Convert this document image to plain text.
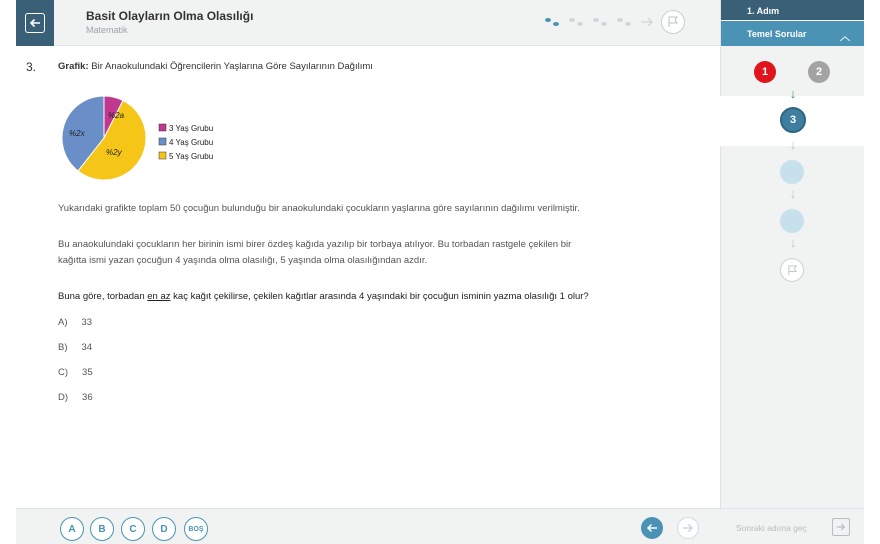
Basit Olayların Olma Olasılığı
Matematik
1. Adım
Temel Sorular	︿
1	2
↓
3
↓
↓
↓
3. Grafik: Bir Anaokulundaki Öğrencilerin Yaşlarına Göre Sayılarının Dağılımı
%2a
%2x
%2y
3 Yaş Grubu
4 Yaş Grubu
5 Yaş Grubu
Yukarıdaki grafikte toplam 50 çocuğun bulunduğu bir anaokulundaki çocukların yaşlarına göre sayılarının dağılımı verilmiştir.
Bu anaokulundaki çocukların her birinin ismi birer özdeş kağıda yazılıp bir torbaya atılıyor. Bu torbadan rastgele çekilen bir
kağıtta ismi yazan çocuğun 4 yaşında olma olasılığı, 5 yaşında olma olasılığından azdır.
Buna göre, torbadan en az kaç kağıt çekilirse, çekilen kağıtlar arasında 4 yaşındaki bir çocuğun isminin yazma olasılığı 1 olur?
A) 33
B) 34
C) 35
D) 36
A	B	C	D	BOŞ	Sonraki adıma geç
